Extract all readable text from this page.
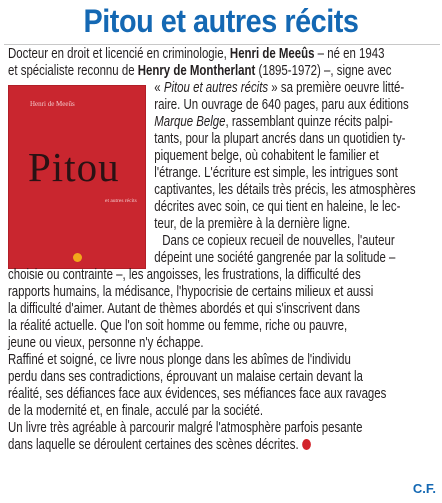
Pitou et autres récits
Henri de Meeûs
Pitou
et autres récits
Docteur en droit et licencié en criminologie, Henri de Meeûs – né en 1943
et spécialiste reconnu de Henry de Montherlant (1895-1972) –, signe avec
« Pitou et autres récits » sa première oeuvre litté-
raire. Un ouvrage de 640 pages, paru aux éditions
Marque Belge, rassemblant quinze récits palpi-
tants, pour la plupart ancrés dans un quotidien ty-
piquement belge, où cohabitent le familier et
l'étrange. L'écriture est simple, les intrigues sont
captivantes, les détails très précis, les atmosphères
décrites avec soin, ce qui tient en haleine, le lec-
teur, de la première à la dernière ligne.
Dans ce copieux recueil de nouvelles, l'auteur
dépeint une société gangrenée par la solitude –
choisie ou contrainte –, les angoisses, les frustrations, la difficulté des
rapports humains, la médisance, l'hypocrisie de certains milieux et aussi
la difficulté d'aimer. Autant de thèmes abordés et qui s'inscrivent dans
la réalité actuelle. Que l'on soit homme ou femme, riche ou pauvre,
jeune ou vieux, personne n'y échappe.
Raffiné et soigné, ce livre nous plonge dans les abîmes de l'individu
perdu dans ses contradictions, éprouvant un malaise certain devant la
réalité, ses défiances face aux évidences, ses méfiances face aux ravages
de la modernité et, en finale, acculé par la société.
Un livre très agréable à parcourir malgré l'atmosphère parfois pesante
dans laquelle se déroulent certaines des scènes décrites.
C.F.
